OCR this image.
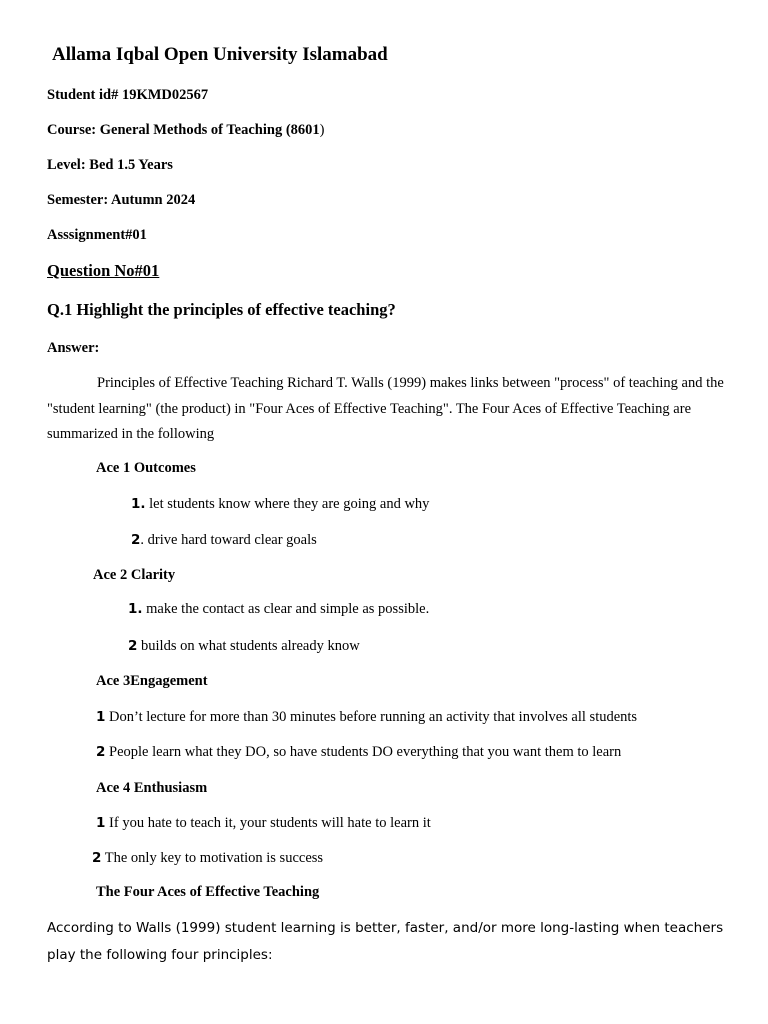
Allama Iqbal Open University Islamabad
Student id# 19KMD02567
Course: General Methods of Teaching (8601)
Level: Bed 1.5 Years
Semester: Autumn 2024
Asssignment#01
Question No#01
Q.1 Highlight the principles of effective teaching?
Answer:
Principles of Effective Teaching Richard T. Walls (1999) makes links between "process" of teaching and the "student learning" (the product) in "Four Aces of Effective Teaching". The Four Aces of Effective Teaching are summarized in the following
Ace 1 Outcomes
1. let students know where they are going and why
2. drive hard toward clear goals
Ace 2 Clarity
1. make the contact as clear and simple as possible.
2 builds on what students already know
Ace 3Engagement
1 Don’t lecture for more than 30 minutes before running an activity that involves all students
2 People learn what they DO, so have students DO everything that you want them to learn
Ace 4 Enthusiasm
1 If you hate to teach it, your students will hate to learn it
2 The only key to motivation is success
The Four Aces of Effective Teaching
According to Walls (1999) student learning is better, faster, and/or more long-lasting when teachers play the following four principles:
